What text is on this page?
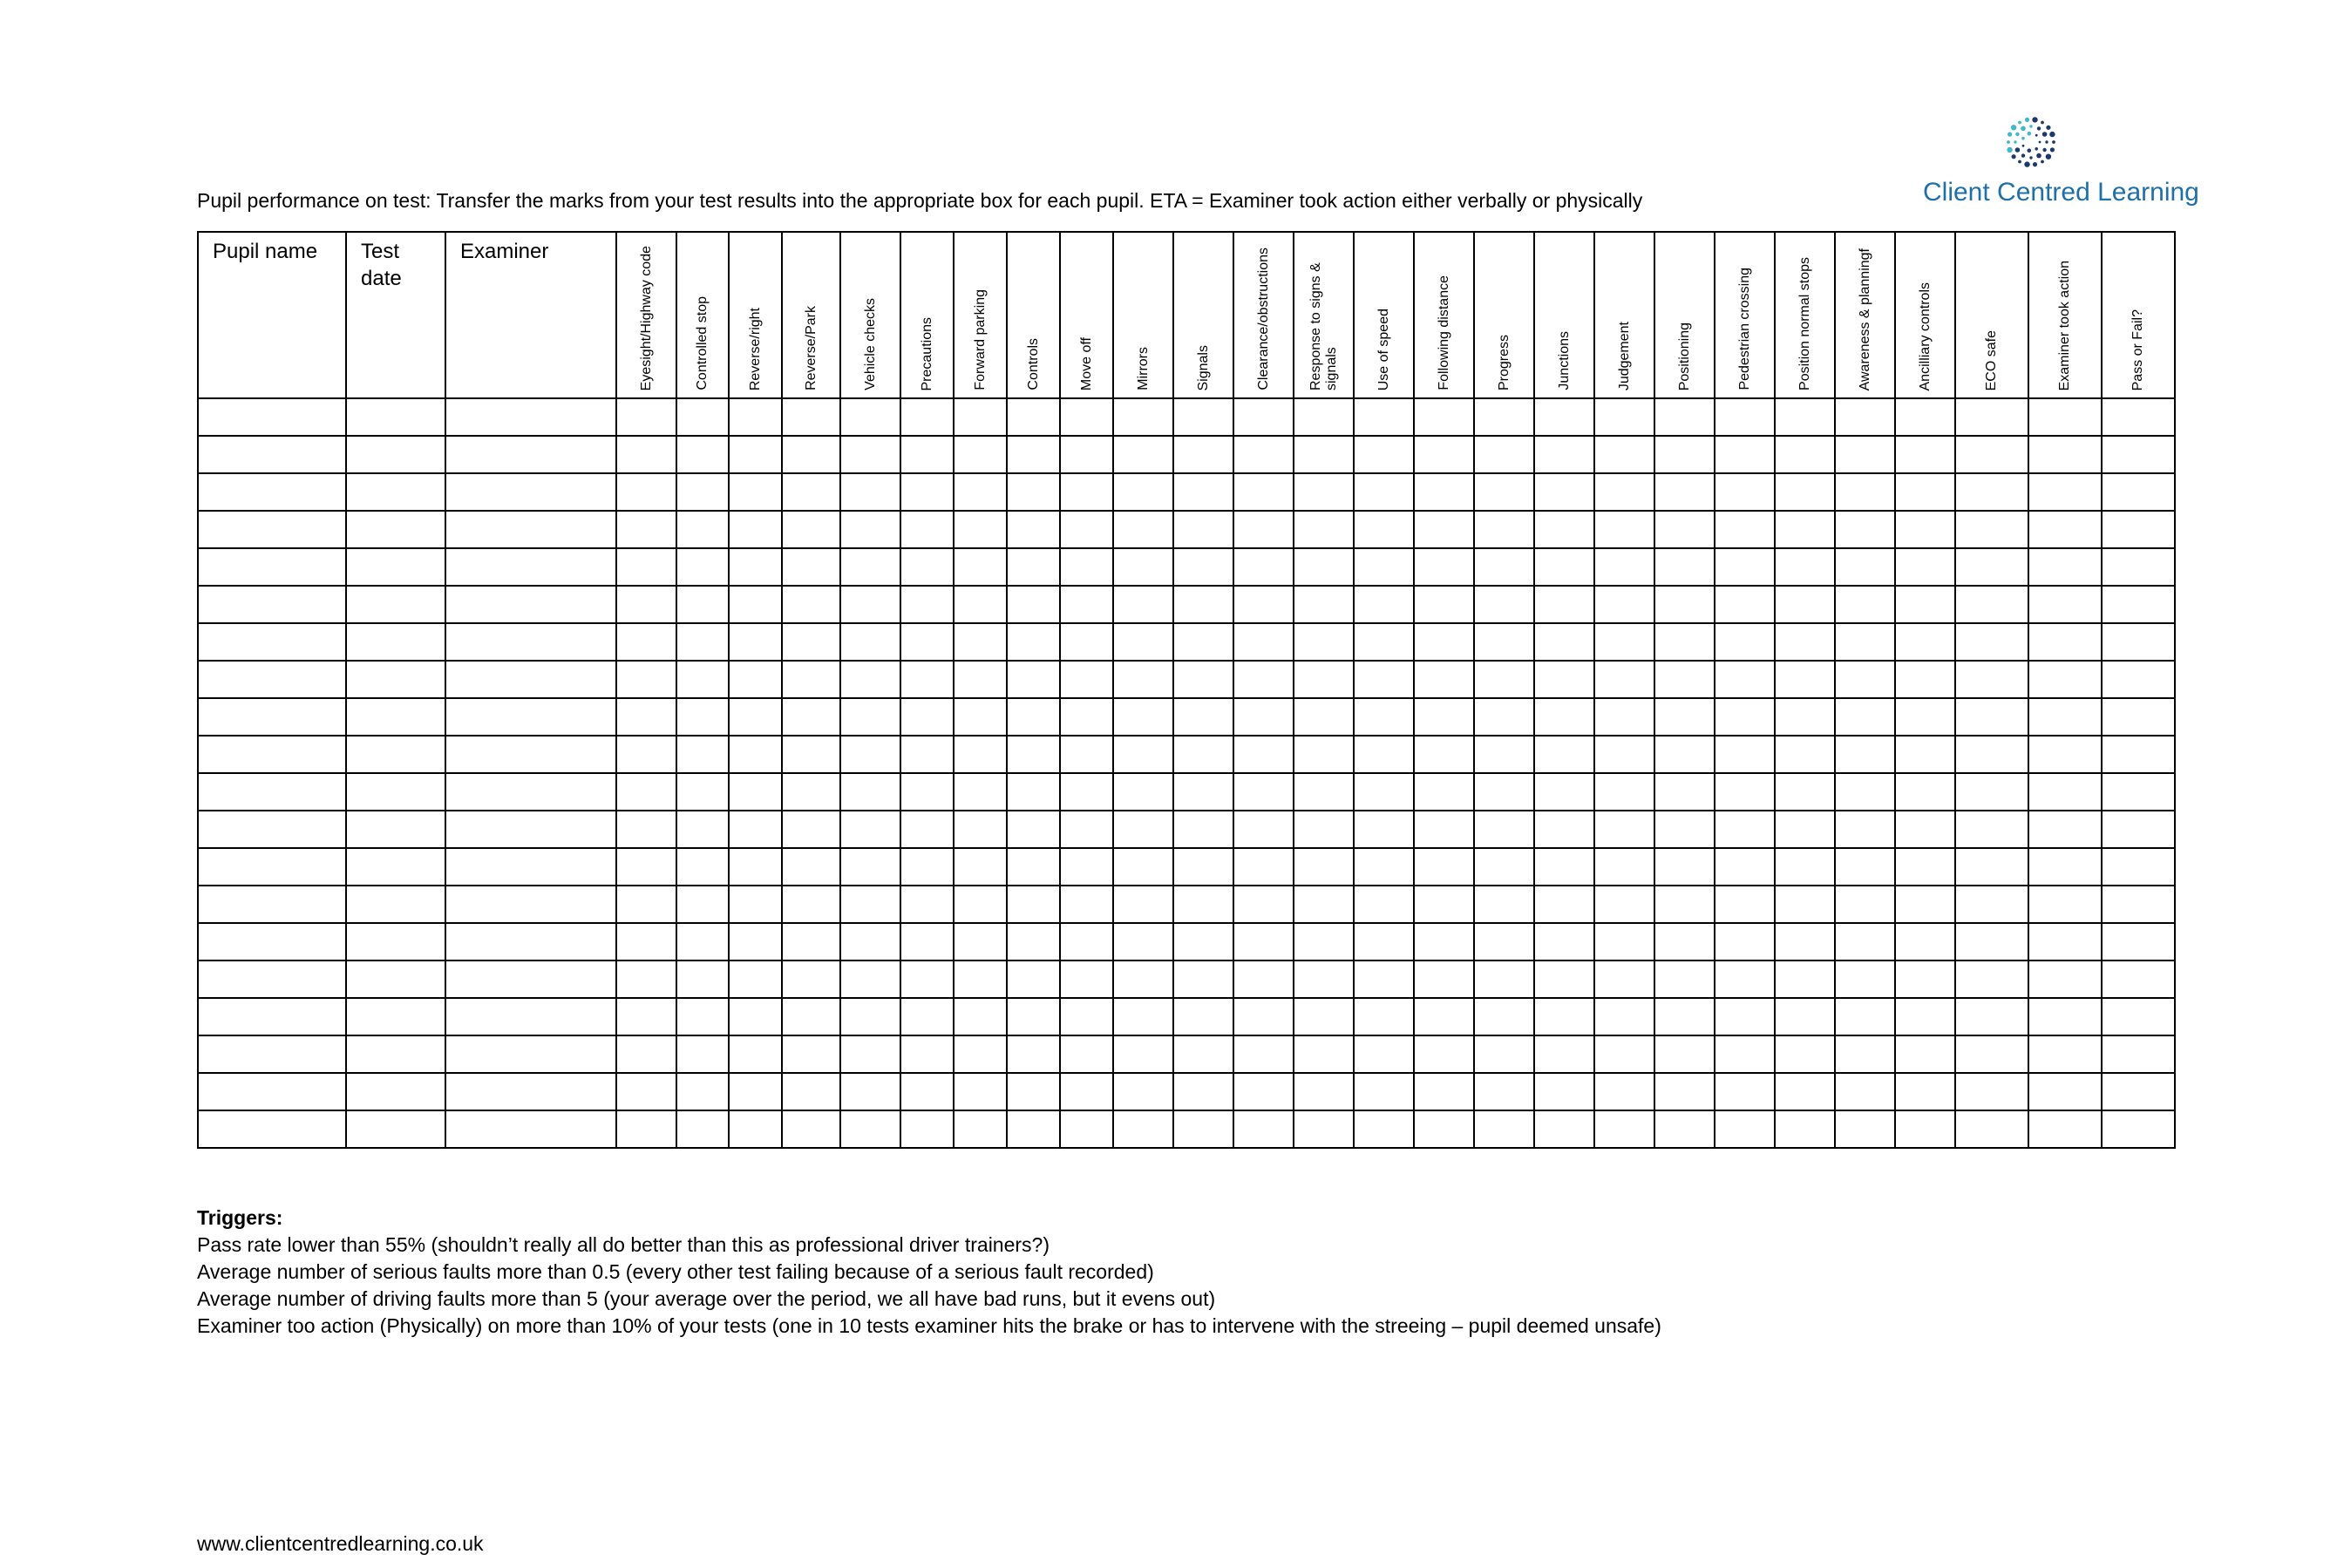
Client Centred Learning
Pupil performance on test: Transfer the marks from your test results into the appropriate box for each pupil. ETA = Examiner took action either verbally or physically
Pupil name	Test date	Examiner	Eyesight/Highway code	Controlled stop	Reverse/right	Reverse/Park	Vehicle checks	Precautions	Forward parking	Controls	Move off	Mirrors	Signals	Clearance/obstructions	Response to signs & signals	Use of speed	Following distance	Progress	Junctions	Judgement	Positioning	Pedestrian crossing	Position normal stops	Awareness & planningf	Ancilliary controls	ECO safe	Examiner took action	Pass or Fail?

Triggers:
Pass rate lower than 55% (shouldn’t really all do better than this as professional driver trainers?)
Average number of serious faults more than 0.5 (every other test failing because of a serious fault recorded)
Average number of driving faults more than 5 (your average over the period, we all have bad runs, but it evens out)
Examiner too action (Physically) on more than 10% of your tests (one in 10 tests examiner hits the brake or has to intervene with the streeing – pupil deemed unsafe)
www.clientcentredlearning.co.uk
